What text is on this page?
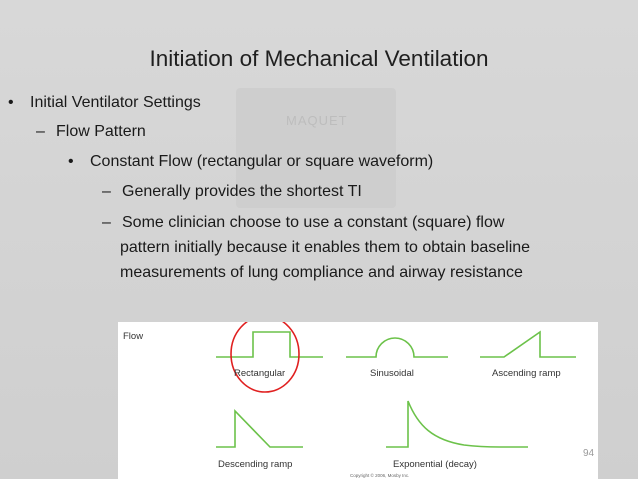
MAQUET
Initiation of Mechanical Ventilation
• Initial Ventilator Settings
– Flow Pattern
• Constant Flow (rectangular or square waveform)
– Generally provides the shortest TI
– Some clinician choose to use a constant (square) flow
pattern initially because it enables them to obtain baseline
measurements of lung compliance and airway resistance
Flow
Rectangular	Sinusoidal	Ascending ramp
Descending ramp	Exponential (decay)
Copyright © 2006, Mosby Inc.
94
